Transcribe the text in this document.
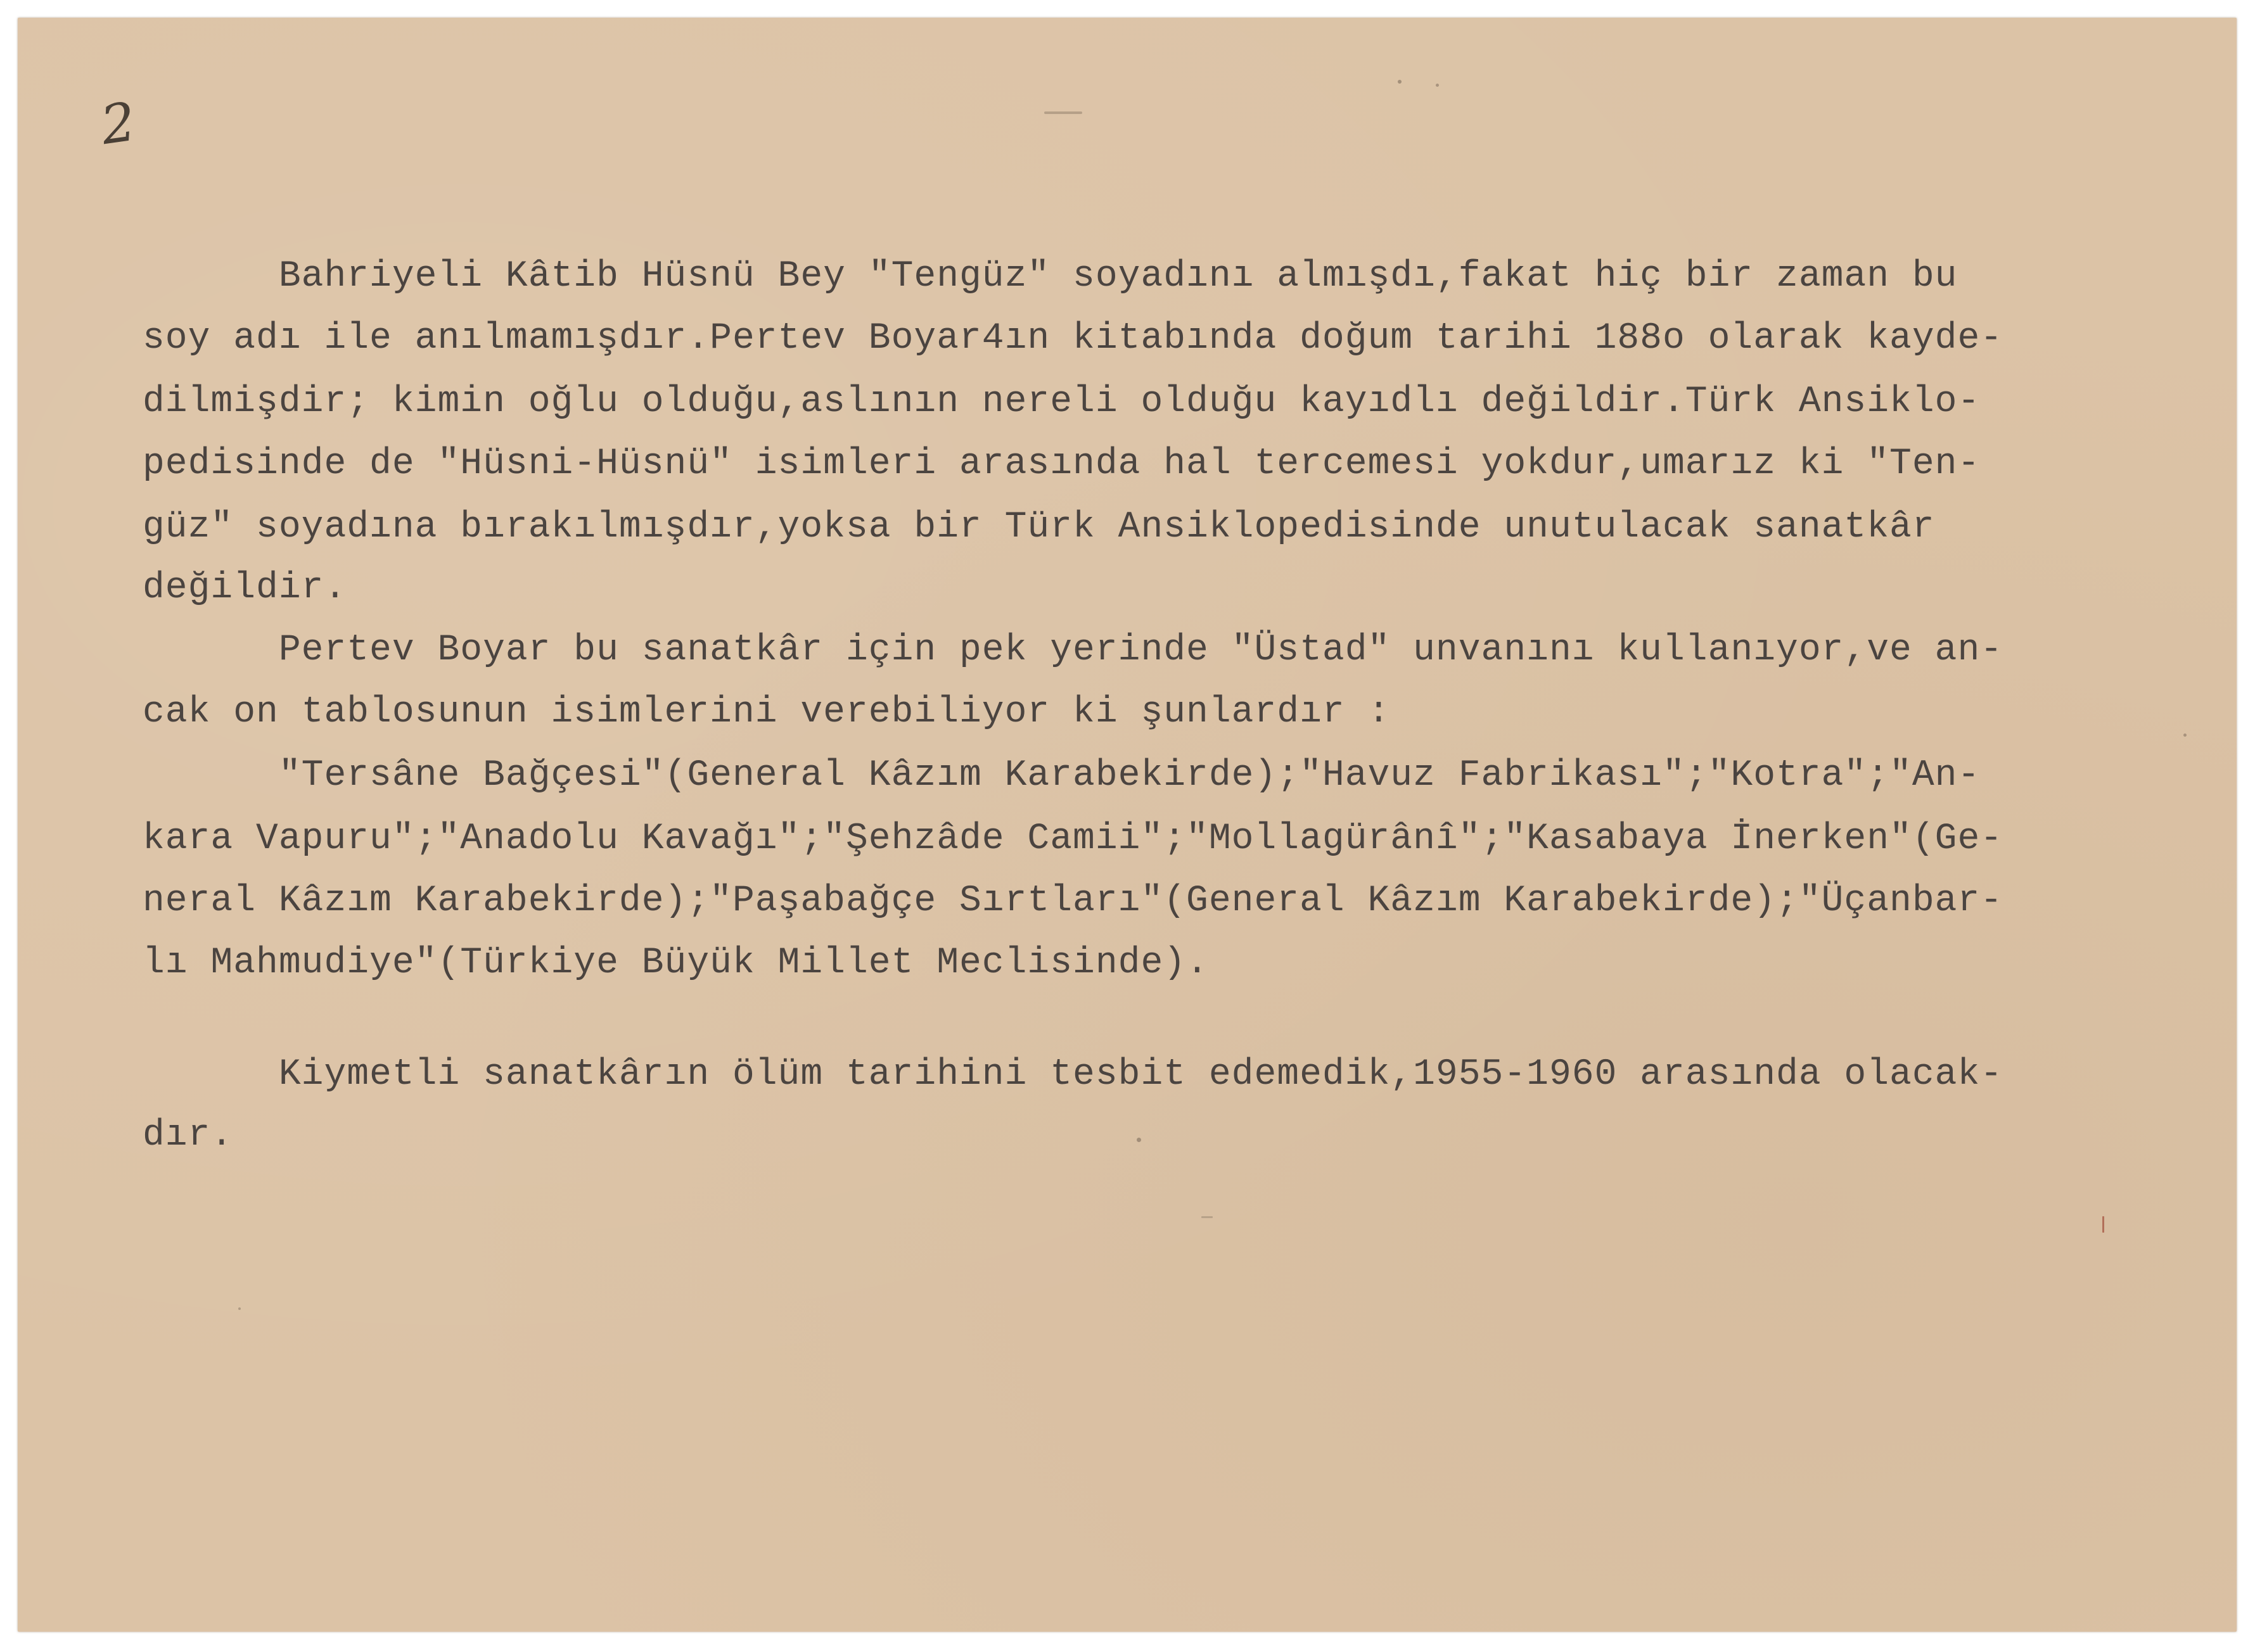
2
Bahriyeli Kâtib Hüsnü Bey "Tengüz" soyadını almışdı,fakat hiç bir zaman bu
soy adı ile anılmamışdır.Pertev Boyar4ın kitabında doğum tarihi 188o olarak kayde-
dilmişdir; kimin oğlu olduğu,aslının nereli olduğu kayıdlı değildir.Türk Ansiklo-
pedisinde de "Hüsni-Hüsnü" isimleri arasında hal tercemesi yokdur,umarız ki "Ten-
güz" soyadına bırakılmışdır,yoksa bir Türk Ansiklopedisinde unutulacak sanatkâr
değildir.
Pertev Boyar bu sanatkâr için pek yerinde "Üstad" unvanını kullanıyor,ve an-
cak on tablosunun isimlerini verebiliyor ki şunlardır :
"Tersâne Bağçesi"(General Kâzım Karabekirde);"Havuz Fabrikası";"Kotra";"An-
kara Vapuru";"Anadolu Kavağı";"Şehzâde Camii";"Mollagürânî";"Kasabaya İnerken"(Ge-
neral Kâzım Karabekirde);"Paşabağçe Sırtları"(General Kâzım Karabekirde);"Üçanbar-
lı Mahmudiye"(Türkiye Büyük Millet Meclisinde).
Kiymetli sanatkârın ölüm tarihini tesbit edemedik,1955-1960 arasında olacak-
dır.
